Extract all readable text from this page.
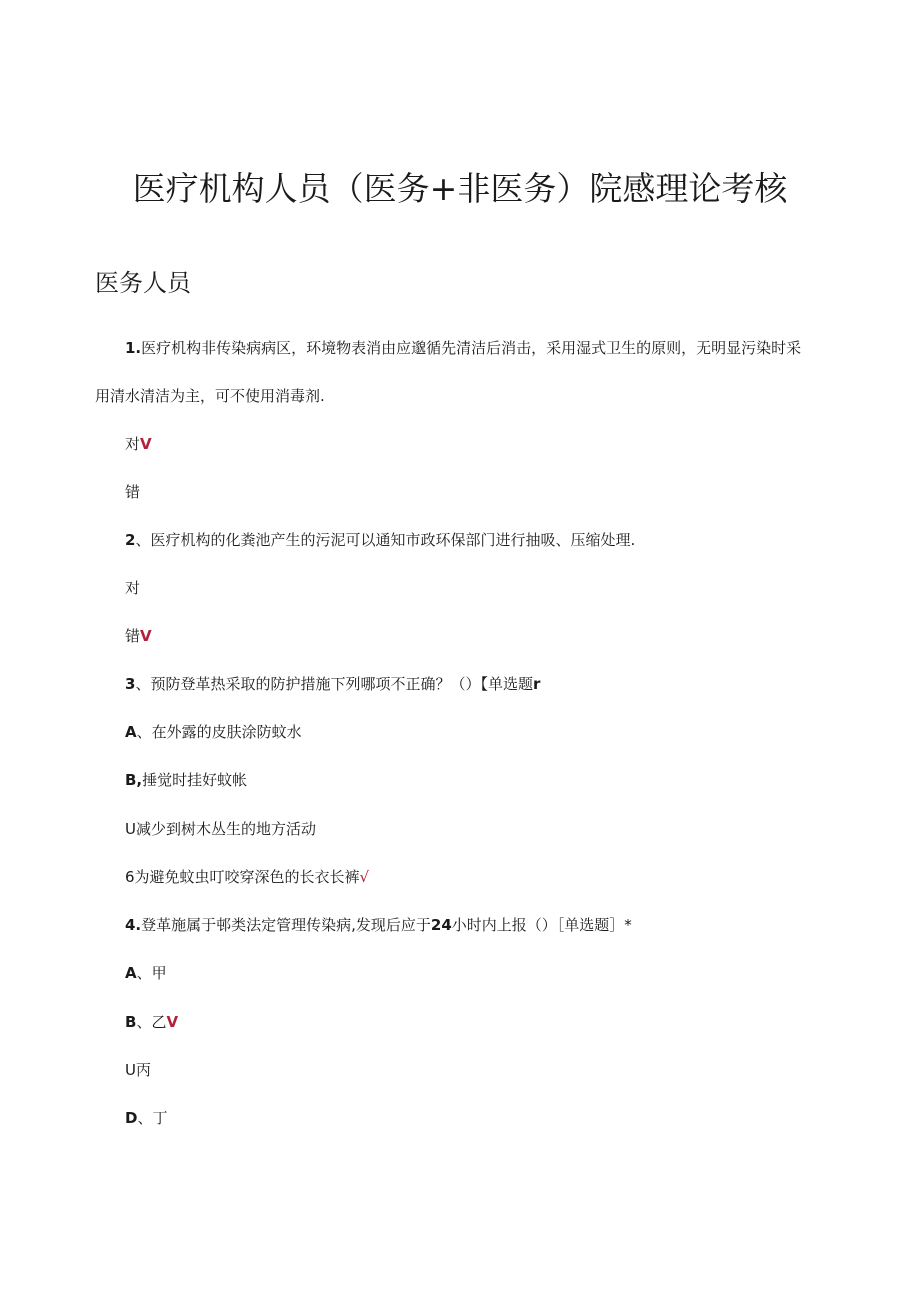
医疗机构人员（医务+非医务）院感理论考核
医务人员
1.医疗机构非传染病病区，环境物表消由应邈循先清洁后消击，采用湿式卫生的原则，无明显污染时采
用清水清洁为主，可不使用消毒剂.
对V
错
2、医疗机构的化粪池产生的污泥可以通知市政环保部门进行抽吸、压缩处理.
对
错V
3、预防登革热采取的防护措施下列哪项不正确？（）【单选题r
A、在外露的皮肤涂防蚊水
B,捶觉时挂好蚊帐
U减少到树木丛生的地方活动
6为避免蚊虫叮咬穿深色的长衣长裤√
4.登革施属于邨类法定管理传染病,发现后应于24小时内上报（）［单选题］*
A、甲
B、乙V
U丙
D、丁
